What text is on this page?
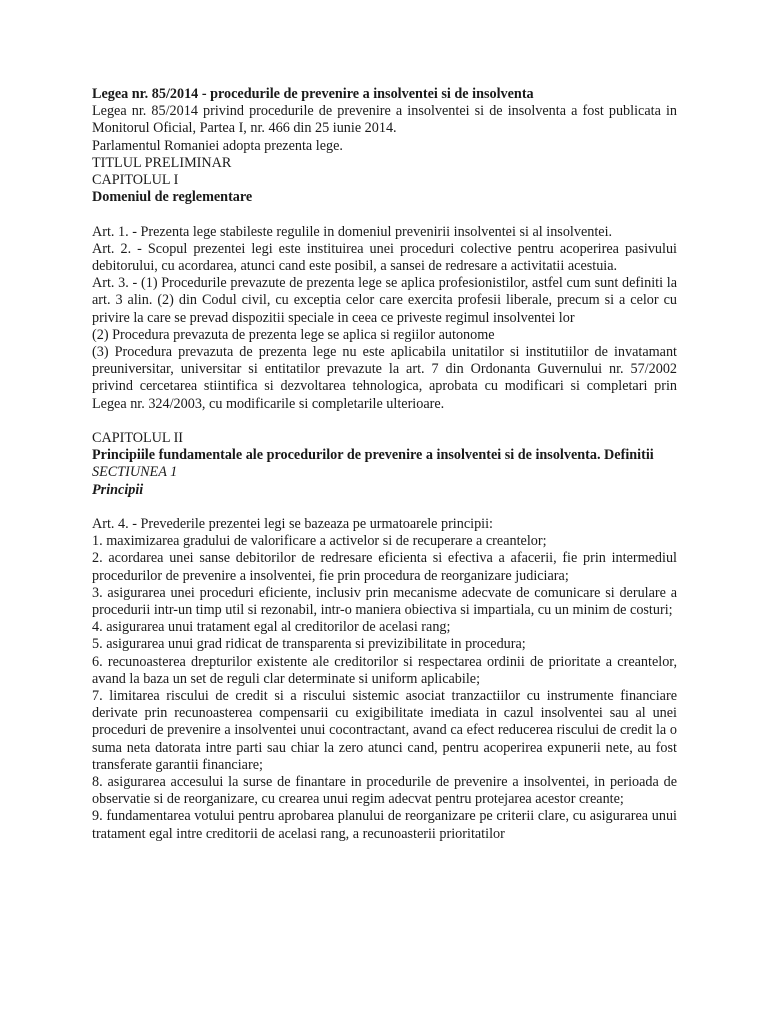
Legea nr. 85/2014 - procedurile de prevenire a insolventei si de insolventa

Legea nr. 85/2014 privind procedurile de prevenire a insolventei si de insolventa a fost publicata in Monitorul Oficial, Partea I, nr. 466 din 25 iunie 2014.

Parlamentul Romaniei adopta prezenta lege.

TITLUL PRELIMINAR

CAPITOLUL I

Domeniul de reglementare

Art. 1. - Prezenta lege stabileste regulile in domeniul prevenirii insolventei si al insolventei.

Art. 2. - Scopul prezentei legi este instituirea unei proceduri colective pentru acoperirea pasivului debitorului, cu acordarea, atunci cand este posibil, a sansei de redresare a activitatii acestuia.

Art. 3. - (1) Procedurile prevazute de prezenta lege se aplica profesionistilor, astfel cum sunt definiti la art. 3 alin. (2) din Codul civil, cu exceptia celor care exercita profesii liberale, precum si a celor cu privire la care se prevad dispozitii speciale in ceea ce priveste regimul insolventei lor

(2) Procedura prevazuta de prezenta lege se aplica si regiilor autonome

(3) Procedura prevazuta de prezenta lege nu este aplicabila unitatilor si institutiilor de invatamant preuniversitar, universitar si entitatilor prevazute la art. 7 din Ordonanta Guvernului nr. 57/2002 privind cercetarea stiintifica si dezvoltarea tehnologica, aprobata cu modificari si completari prin Legea nr. 324/2003, cu modificarile si completarile ulterioare.

CAPITOLUL II

Principiile fundamentale ale procedurilor de prevenire a insolventei si de insolventa. Definitii

SECTIUNEA 1

Principii

Art. 4. - Prevederile prezentei legi se bazeaza pe urmatoarele principii:

1. maximizarea gradului de valorificare a activelor si de recuperare a creantelor;

2. acordarea unei sanse debitorilor de redresare eficienta si efectiva a afacerii, fie prin intermediul procedurilor de prevenire a insolventei, fie prin procedura de reorganizare judiciara;

3. asigurarea unei proceduri eficiente, inclusiv prin mecanisme adecvate de comunicare si derulare a procedurii intr-un timp util si rezonabil, intr-o maniera obiectiva si impartiala, cu un minim de costuri;

4. asigurarea unui tratament egal al creditorilor de acelasi rang;

5. asigurarea unui grad ridicat de transparenta si previzibilitate in procedura;

6. recunoasterea drepturilor existente ale creditorilor si respectarea ordinii de prioritate a creantelor, avand la baza un set de reguli clar determinate si uniform aplicabile;

7. limitarea riscului de credit si a riscului sistemic asociat tranzactiilor cu instrumente financiare derivate prin recunoasterea compensarii cu exigibilitate imediata in cazul insolventei sau al unei proceduri de prevenire a insolventei unui cocontractant, avand ca efect reducerea riscului de credit la o suma neta datorata intre parti sau chiar la zero atunci cand, pentru acoperirea expunerii nete, au fost transferate garantii financiare;

8. asigurarea accesului la surse de finantare in procedurile de prevenire a insolventei, in perioada de observatie si de reorganizare, cu crearea unui regim adecvat pentru protejarea acestor creante;

9. fundamentarea votului pentru aprobarea planului de reorganizare pe criterii clare, cu asigurarea unui tratament egal intre creditorii de acelasi rang, a recunoasterii prioritatilor
